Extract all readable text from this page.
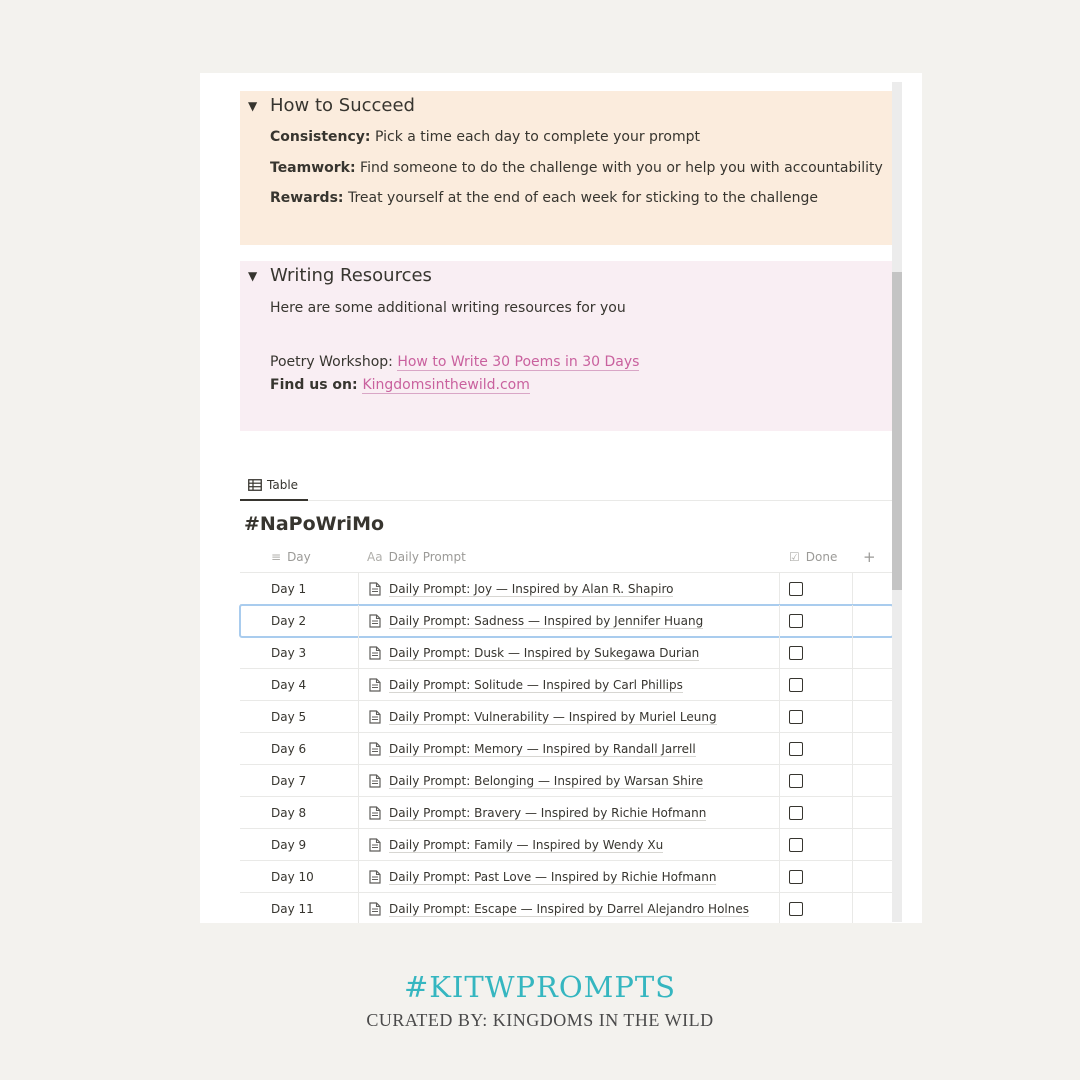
▼ How to Succeed
Consistency: Pick a time each day to complete your prompt
Teamwork: Find someone to do the challenge with you or help you with accountability
Rewards: Treat yourself at the end of each week for sticking to the challenge
▼ Writing Resources
Here are some additional writing resources for you
Poetry Workshop: How to Write 30 Poems in 30 Days
Find us on: Kingdomsinthewild.com
Table
#NaPoWriMo
≡ Day	Aa Daily Prompt	☑ Done +
Day 1	Daily Prompt: Joy — Inspired by Alan R. Shapiro
Day 2	Daily Prompt: Sadness — Inspired by Jennifer Huang
Day 3	Daily Prompt: Dusk — Inspired by Sukegawa Durian
Day 4	Daily Prompt: Solitude — Inspired by Carl Phillips
Day 5	Daily Prompt: Vulnerability — Inspired by Muriel Leung
Day 6	Daily Prompt: Memory — Inspired by Randall Jarrell
Day 7	Daily Prompt: Belonging — Inspired by Warsan Shire
Day 8	Daily Prompt: Bravery — Inspired by Richie Hofmann
Day 9	Daily Prompt: Family — Inspired by Wendy Xu
Day 10	Daily Prompt: Past Love — Inspired by Richie Hofmann
Day 11	Daily Prompt: Escape — Inspired by Darrel Alejandro Holnes
#KITWPROMPTS
CURATED BY: KINGDOMS IN THE WILD
